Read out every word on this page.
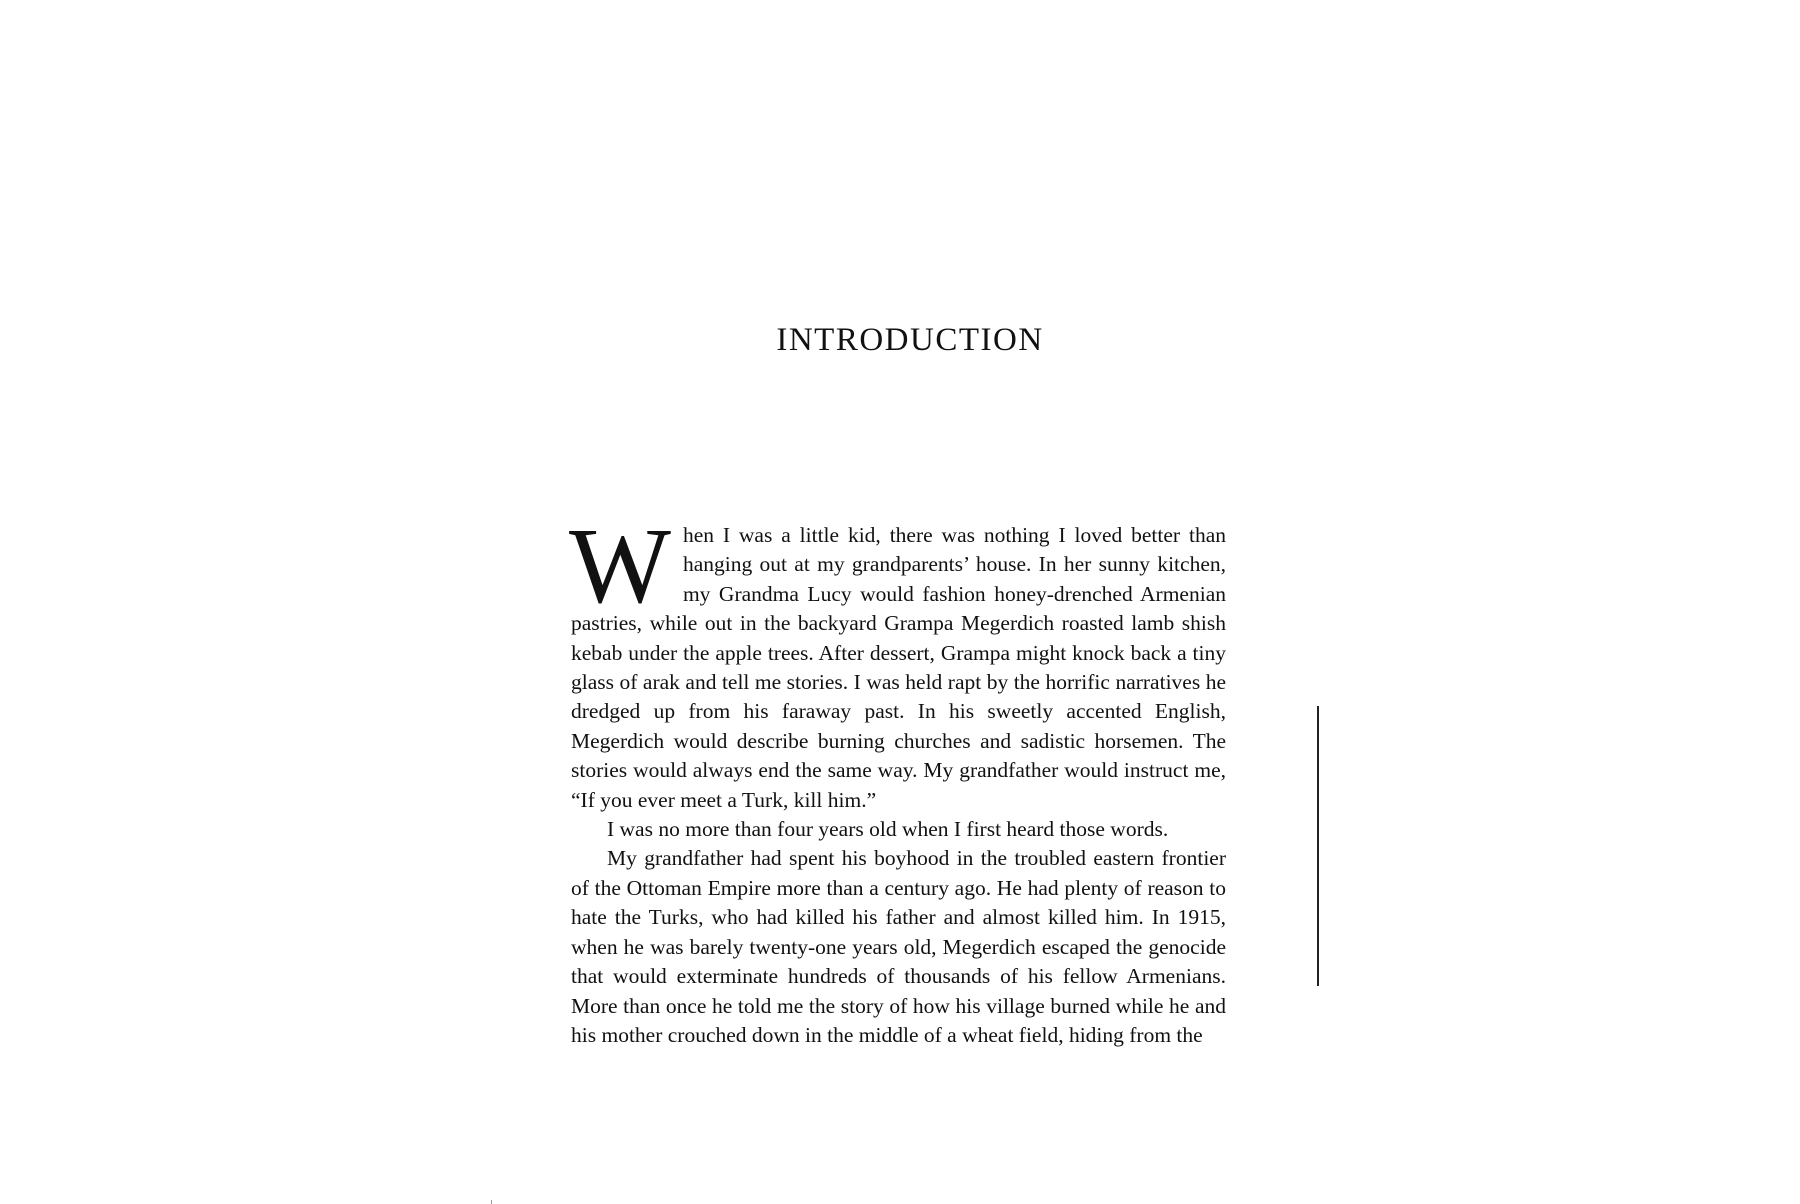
INTRODUCTION

When I was a little kid, there was nothing I loved better than hanging out at my grandparents’ house. In her sunny kitchen, my Grandma Lucy would fashion honey-drenched Armenian pastries, while out in the backyard Grampa Megerdich roasted lamb shish kebab under the apple trees. After dessert, Grampa might knock back a tiny glass of arak and tell me stories. I was held rapt by the horrific narratives he dredged up from his faraway past. In his sweetly accented English, Megerdich would describe burning churches and sadistic horsemen. The stories would always end the same way. My grandfather would instruct me, “If you ever meet a Turk, kill him.”

I was no more than four years old when I first heard those words.

My grandfather had spent his boyhood in the troubled eastern frontier of the Ottoman Empire more than a century ago. He had plenty of reason to hate the Turks, who had killed his father and almost killed him. In 1915, when he was barely twenty-one years old, Megerdich escaped the genocide that would exterminate hundreds of thousands of his fellow Armenians. More than once he told me the story of how his village burned while he and his mother crouched down in the middle of a wheat field, hiding from the
